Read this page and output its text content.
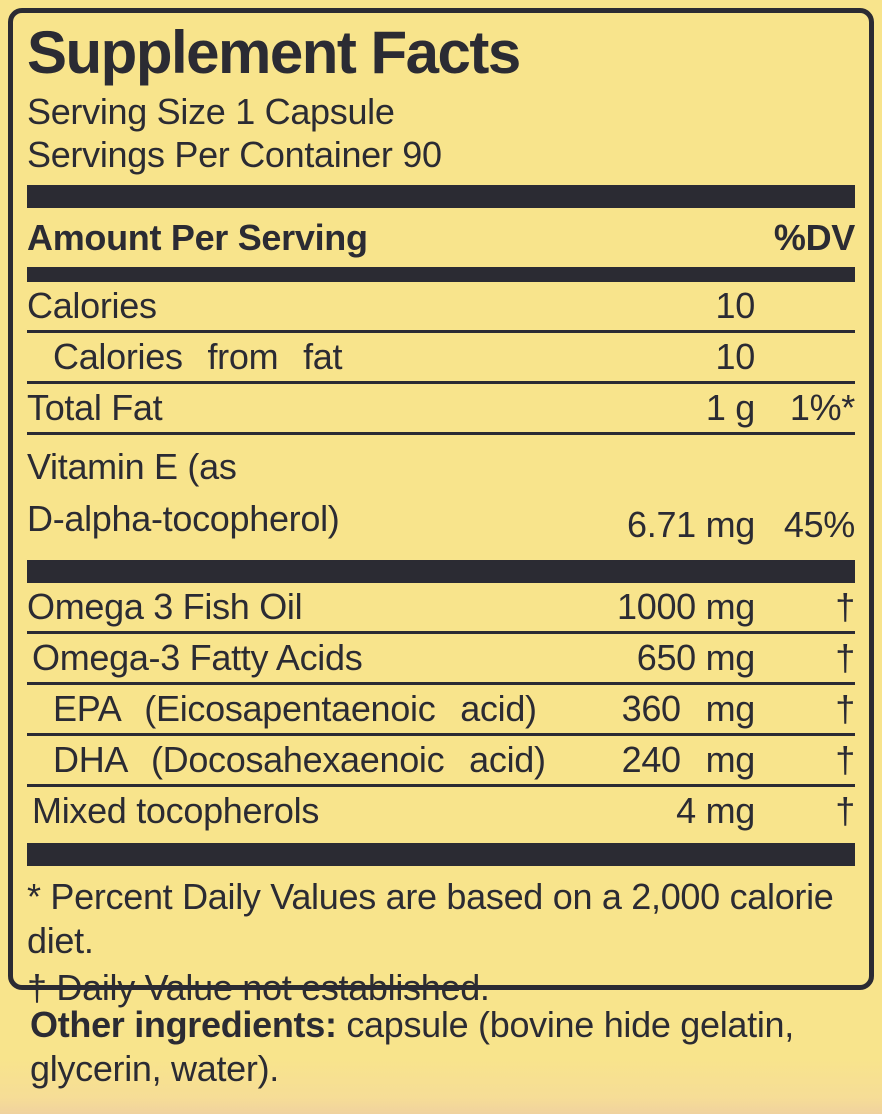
Supplement Facts
Serving Size 1 Capsule
Servings Per Container 90
Amount Per Serving	%DV
Calories	10
Calories from fat	10
Total Fat	1 g 1%*
Vitamin E (as
D-alpha-tocopherol)	6.71 mg 45%
Omega 3 Fish Oil	1000 mg	†
Omega-3 Fatty Acids	650 mg	†
EPA (Eicosapentaenoic acid)	360 mg	†
DHA (Docosahexaenoic acid)	240 mg	†
Mixed tocopherols	4 mg	†
* Percent Daily Values are based on a 2,000 calorie diet.
† Daily Value not established.

Other ingredients: capsule (bovine hide gelatin, glycerin, water).
